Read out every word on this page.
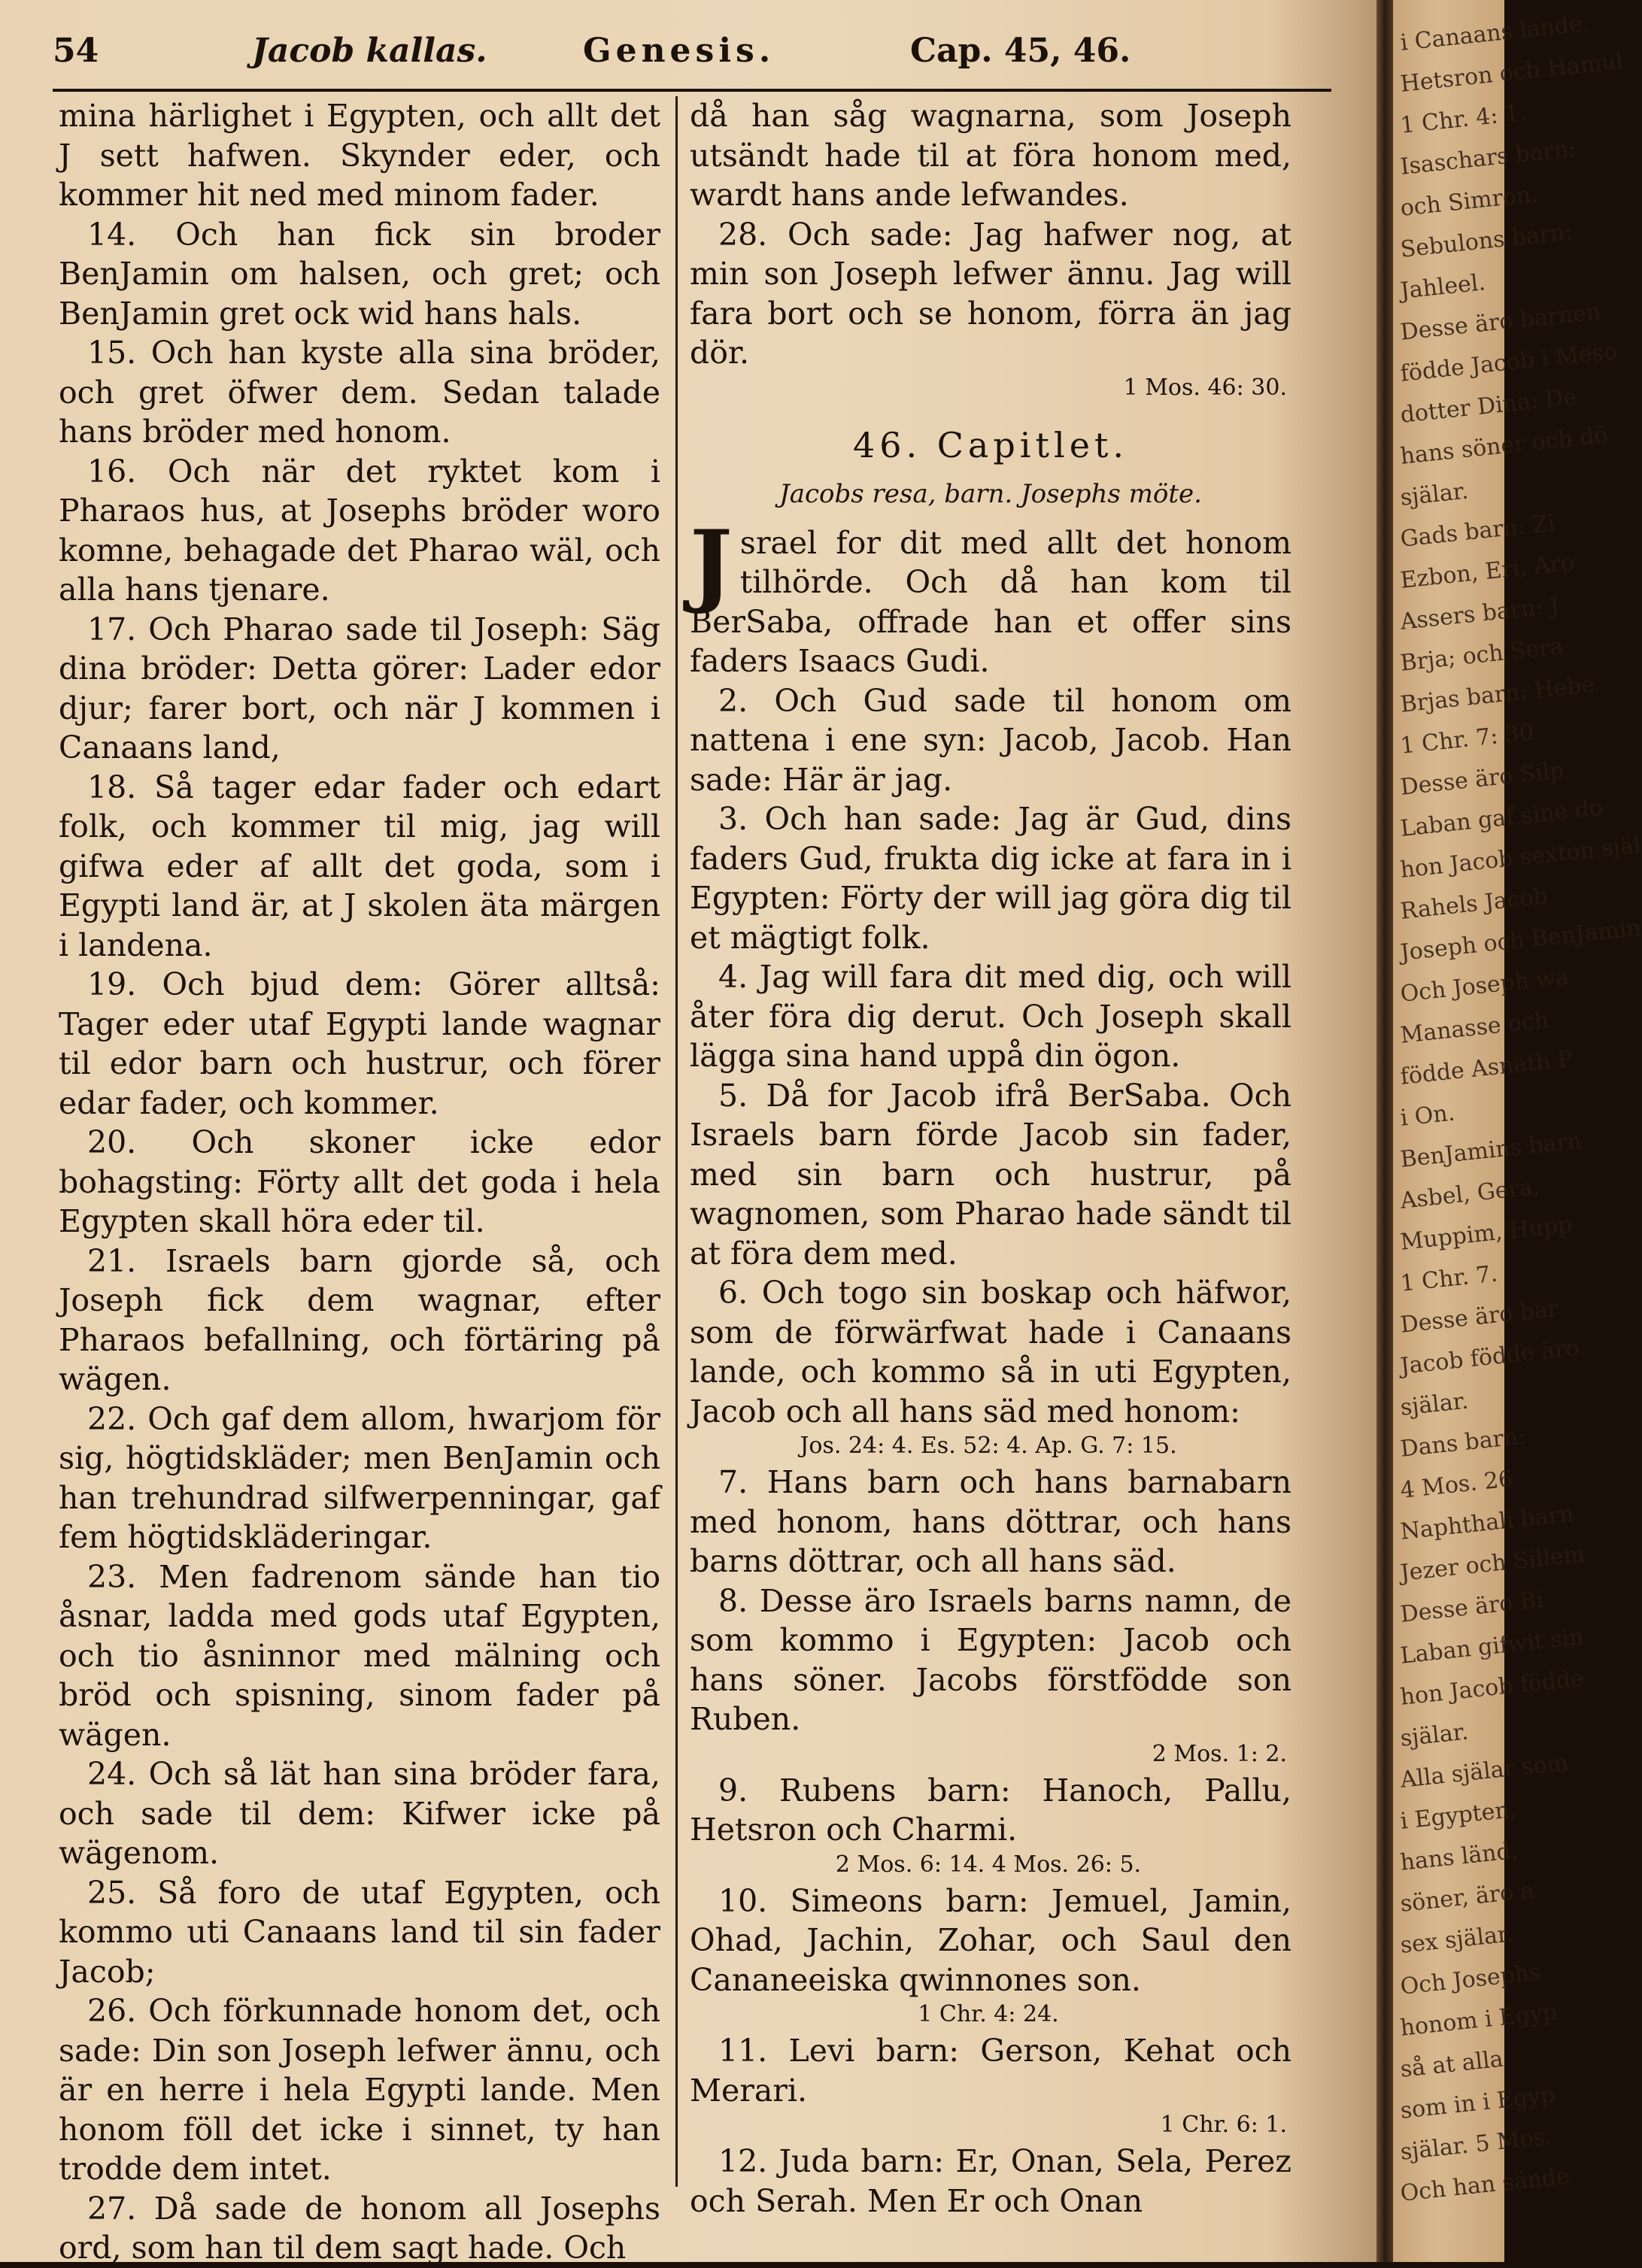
54	Jacob kallas.	Genesis.	Cap. 45, 46.

mina härlighet i Egypten, och allt det J sett hafwen. Skynder eder, och kommer hit ned med minom fader.

14. Och han fick sin broder BenJamin om halsen, och gret; och BenJamin gret ock wid hans hals.

15. Och han kyste alla sina bröder, och gret öfwer dem. Sedan talade hans bröder med honom.

16. Och när det ryktet kom i Pharaos hus, at Josephs bröder woro komne, behagade det Pharao wäl, och alla hans tjenare.

17. Och Pharao sade til Joseph: Säg dina bröder: Detta görer: Lader edor djur; farer bort, och när J kommen i Canaans land,

18. Så tager edar fader och edart folk, och kommer til mig, jag will gifwa eder af allt det goda, som i Egypti land är, at J skolen äta märgen i landena.

19. Och bjud dem: Görer alltså: Tager eder utaf Egypti lande wagnar til edor barn och hustrur, och förer edar fader, och kommer.

20. Och skoner icke edor bohagsting: Förty allt det goda i hela Egypten skall höra eder til.

21. Israels barn gjorde så, och Joseph fick dem wagnar, efter Pharaos befallning, och förtäring på wägen.

22. Och gaf dem allom, hwarjom för sig, högtidskläder; men BenJamin och han trehundrad silfwerpenningar, gaf fem högtidskläderingar.

23. Men fadrenom sände han tio åsnar, ladda med gods utaf Egypten, och tio åsninnor med mälning och bröd och spisning, sinom fader på wägen.

24. Och så lät han sina bröder fara, och sade til dem: Kifwer icke på wägenom.

25. Så foro de utaf Egypten, och kommo uti Canaans land til sin fader Jacob;

26. Och förkunnade honom det, och sade: Din son Joseph lefwer ännu, och är en herre i hela Egypti lande. Men honom föll det icke i sinnet, ty han trodde dem intet.

27. Då sade de honom all Josephs ord, som han til dem sagt hade. Och

då han såg wagnarna, som Joseph utsändt hade til at föra honom med, wardt hans ande lefwandes.

28. Och sade: Jag hafwer nog, at min son Joseph lefwer ännu. Jag will fara bort och se honom, förra än jag dör.

1 Mos. 46: 30.

46. Capitlet.
Jacobs resa, barn. Josephs möte.

Jsrael for dit med allt det honom tilhörde. Och då han kom til BerSaba, offrade han et offer sins faders Isaacs Gudi.

2. Och Gud sade til honom om nattena i ene syn: Jacob, Jacob. Han sade: Här är jag.

3. Och han sade: Jag är Gud, dins faders Gud, frukta dig icke at fara in i Egypten: Förty der will jag göra dig til et mägtigt folk.

4. Jag will fara dit med dig, och will åter föra dig derut. Och Joseph skall lägga sina hand uppå din ögon.

5. Då for Jacob ifrå BerSaba. Och Israels barn förde Jacob sin fader, med sin barn och hustrur, på wagnomen, som Pharao hade sändt til at föra dem med.

6. Och togo sin boskap och häfwor, som de förwärfwat hade i Canaans lande, och kommo så in uti Egypten, Jacob och all hans säd med honom:

Jos. 24: 4. Es. 52: 4. Ap. G. 7: 15.

7. Hans barn och hans barnabarn med honom, hans döttrar, och hans barns döttrar, och all hans säd.

8. Desse äro Israels barns namn, de som kommo i Egypten: Jacob och hans söner. Jacobs förstfödde son Ruben.

2 Mos. 1: 2.

9. Rubens barn: Hanoch, Pallu, Hetsron och Charmi.

2 Mos. 6: 14. 4 Mos. 26: 5.

10. Simeons barn: Jemuel, Jamin, Ohad, Jachin, Zohar, och Saul den Cananeeiska qwinnones son.

1 Chr. 4: 24.

11. Levi barn: Gerson, Kehat och Merari.

1 Chr. 6: 1.

12. Juda barn: Er, Onan, Sela, Perez och Serah. Men Er och Onan

i Canaans lande.
Hetsron och Hamul
1 Chr. 4: 1.
Isaschars barn:
och Simron.
Sebulons barn:
Jahleel.
Desse äro barnen
födde Jacob i Meso
dotter Dina: De
hans söner och dö
själar.
Gads barn: Zi
Ezbon, Eri, Aro
Assers barn: J
Brja; och Sera
Brjas barn: Hebe
1 Chr. 7: 30
Desse äro Silp
Laban gaf sine do
hon Jacob sexton själ
Rahels Jacob
Joseph och BenJamin
Och Joseph wa
Manasse och
födde Asnath P
i On.
BenJamins barn
Asbel, Gera,
Muppim, Hupp
1 Chr. 7.
Desse äro bar
Jacob födde äro
själar.
Dans barn:
4 Mos. 26
Naphthali barn
Jezer och Sillem
Desse äro Bi
Laban gifwit sin
hon Jacob födde
själar.
Alla själar som
i Egypten,
hans länd,
söner, äro a
sex själar.
Och Josephs
honom i Egyp
så at alla
som in i Egyp
själar. 5 Mos.
Och han sände
